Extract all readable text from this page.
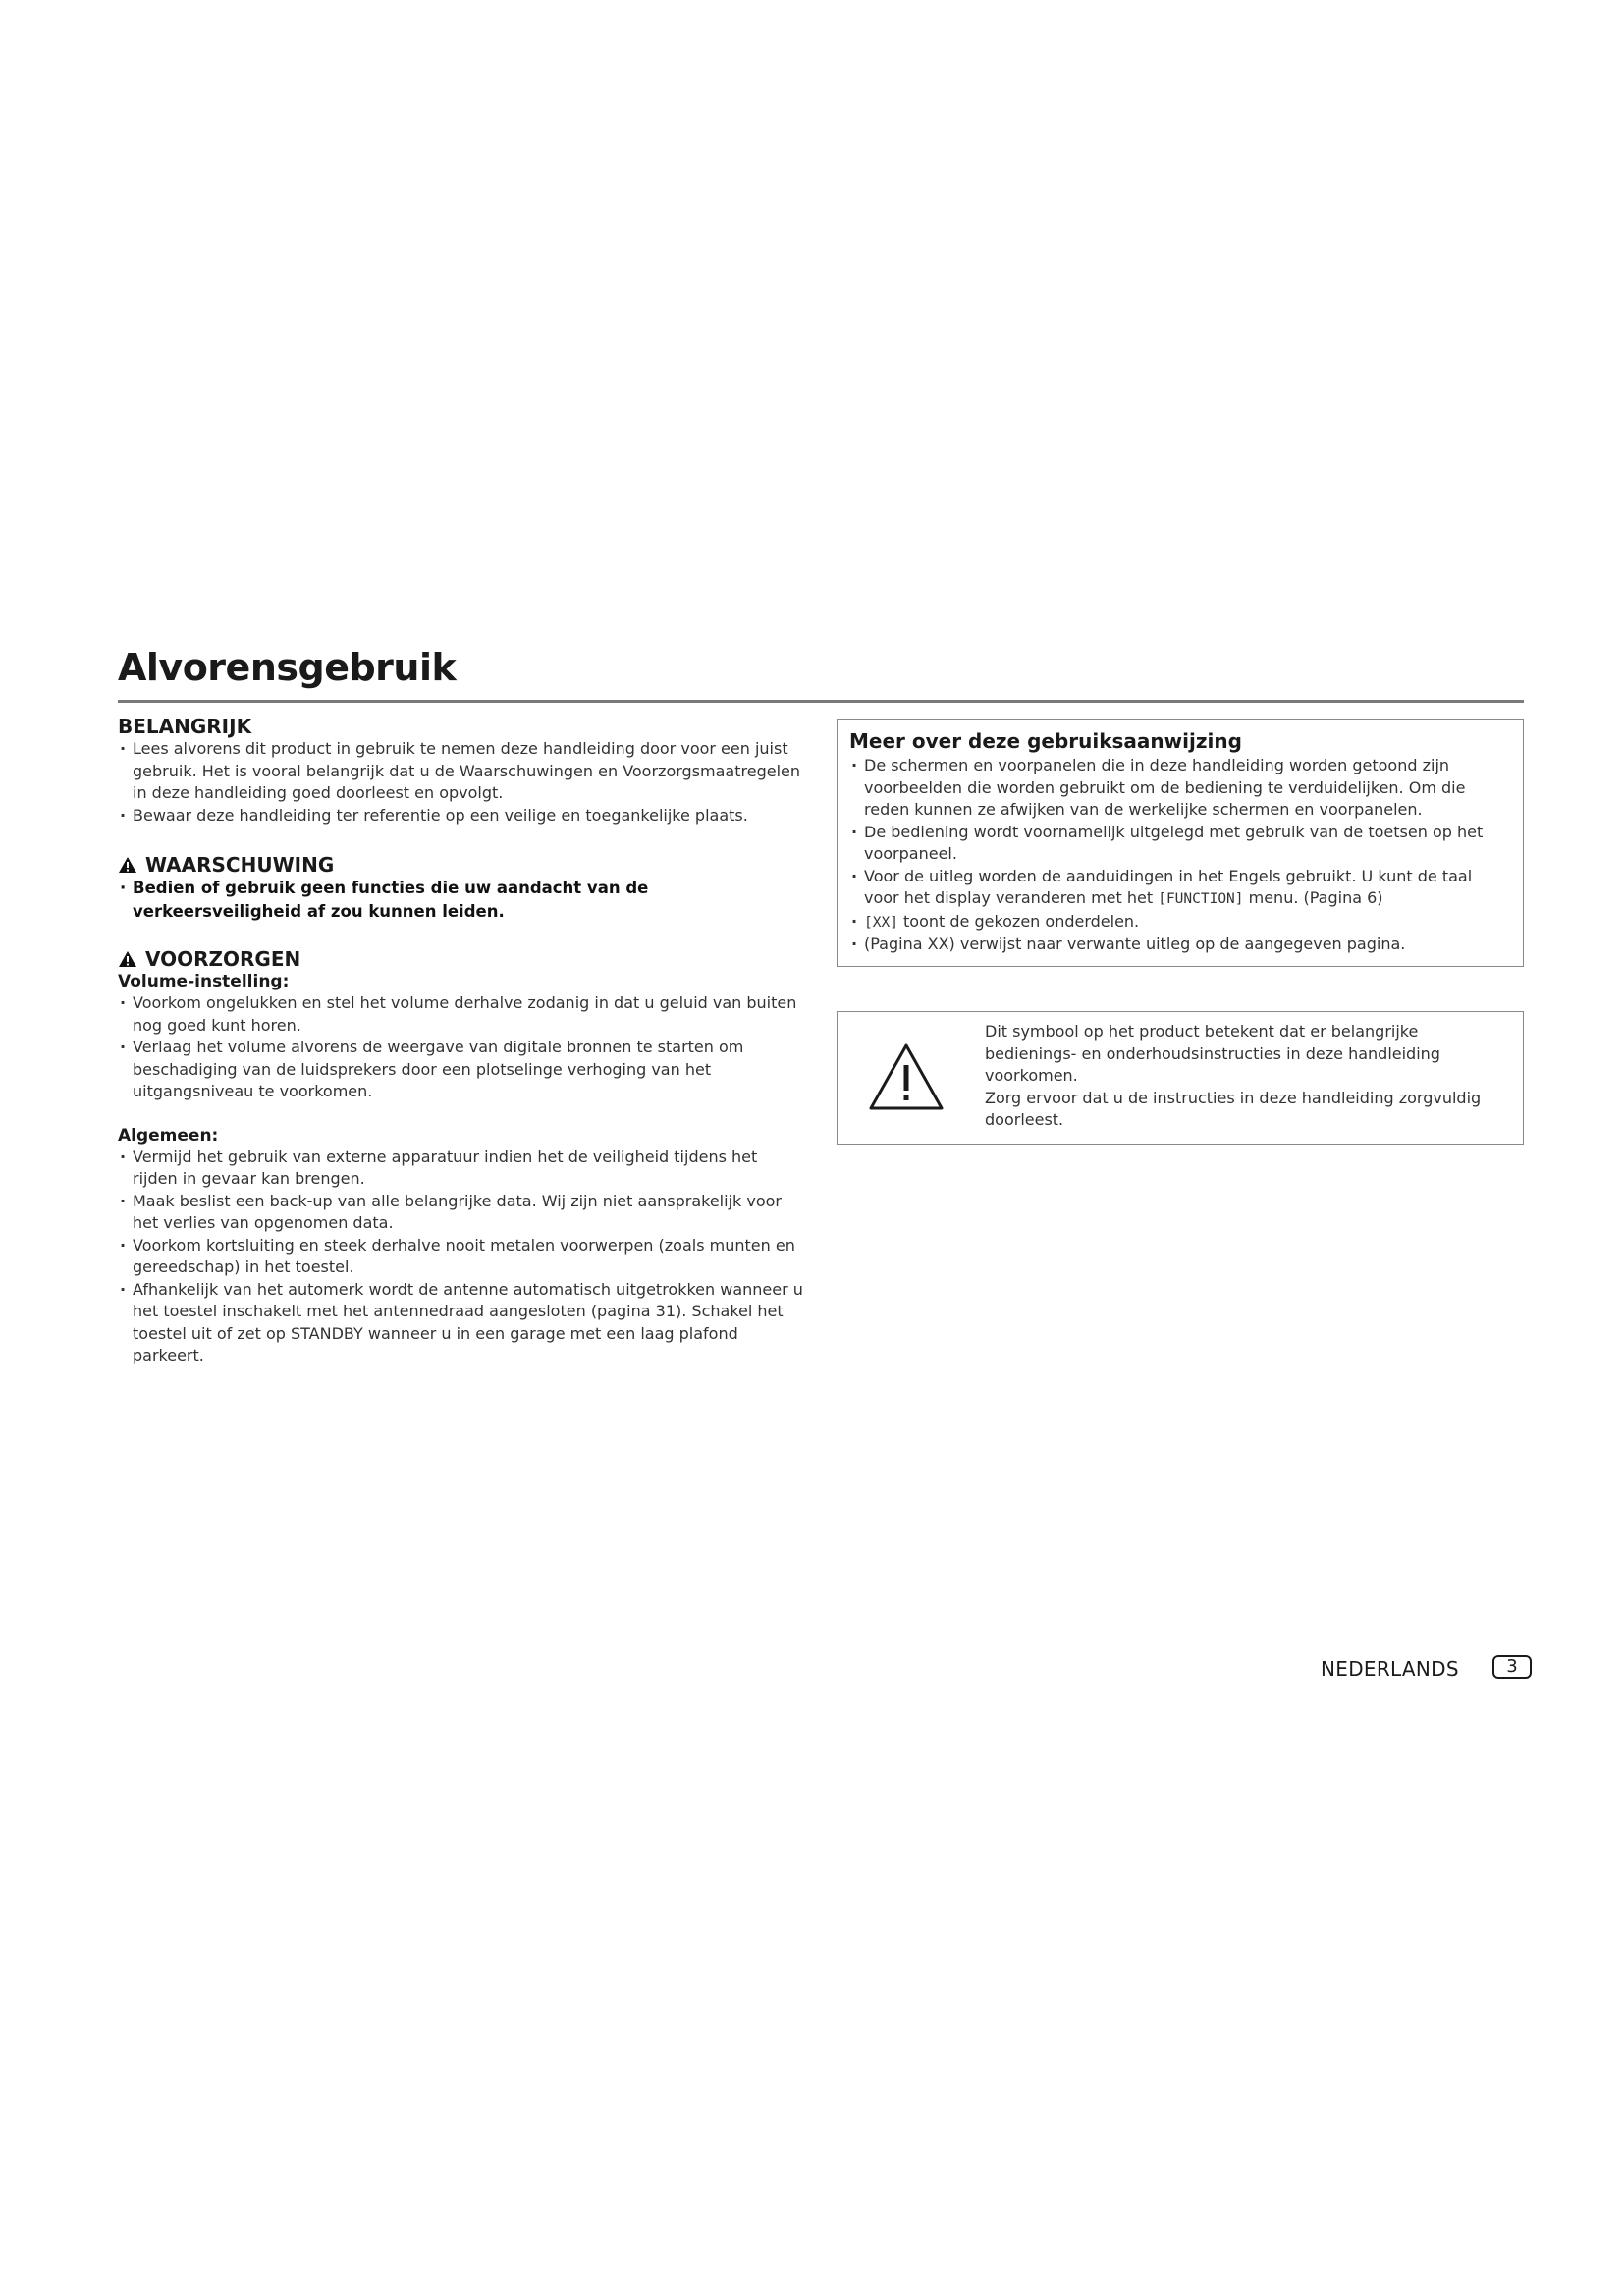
Alvorensgebruik
BELANGRIJK
· Lees alvorens dit product in gebruik te nemen deze handleiding door voor een juist gebruik. Het is vooral belangrijk dat u de Waarschuwingen en Voorzorgsmaatregelen in deze handleiding goed doorleest en opvolgt.
· Bewaar deze handleiding ter referentie op een veilige en toegankelijke plaats.
WAARSCHUWING
· Bedien of gebruik geen functies die uw aandacht van de verkeersveiligheid af zou kunnen leiden.
VOORZORGEN
Volume-instelling:
· Voorkom ongelukken en stel het volume derhalve zodanig in dat u geluid van buiten nog goed kunt horen.
· Verlaag het volume alvorens de weergave van digitale bronnen te starten om beschadiging van de luidsprekers door een plotselinge verhoging van het uitgangsniveau te voorkomen.
Algemeen:
· Vermijd het gebruik van externe apparatuur indien het de veiligheid tijdens het rijden in gevaar kan brengen.
· Maak beslist een back-up van alle belangrijke data. Wij zijn niet aansprakelijk voor het verlies van opgenomen data.
· Voorkom kortsluiting en steek derhalve nooit metalen voorwerpen (zoals munten en gereedschap) in het toestel.
· Afhankelijk van het automerk wordt de antenne automatisch uitgetrokken wanneer u het toestel inschakelt met het antennedraad aangesloten (pagina 31). Schakel het toestel uit of zet op STANDBY wanneer u in een garage met een laag plafond parkeert.
Meer over deze gebruiksaanwijzing
· De schermen en voorpanelen die in deze handleiding worden getoond zijn voorbeelden die worden gebruikt om de bediening te verduidelijken. Om die reden kunnen ze afwijken van de werkelijke schermen en voorpanelen.
· De bediening wordt voornamelijk uitgelegd met gebruik van de toetsen op het voorpaneel.
· Voor de uitleg worden de aanduidingen in het Engels gebruikt. U kunt de taal voor het display veranderen met het [FUNCTION] menu. (Pagina 6)
· [XX] toont de gekozen onderdelen.
· (Pagina XX) verwijst naar verwante uitleg op de aangegeven pagina.

Dit symbool op het product betekent dat er belangrijke bedienings- en onderhoudsinstructies in deze handleiding voorkomen.

Zorg ervoor dat u de instructies in deze handleiding zorgvuldig doorleest.

NEDERLANDS	3
